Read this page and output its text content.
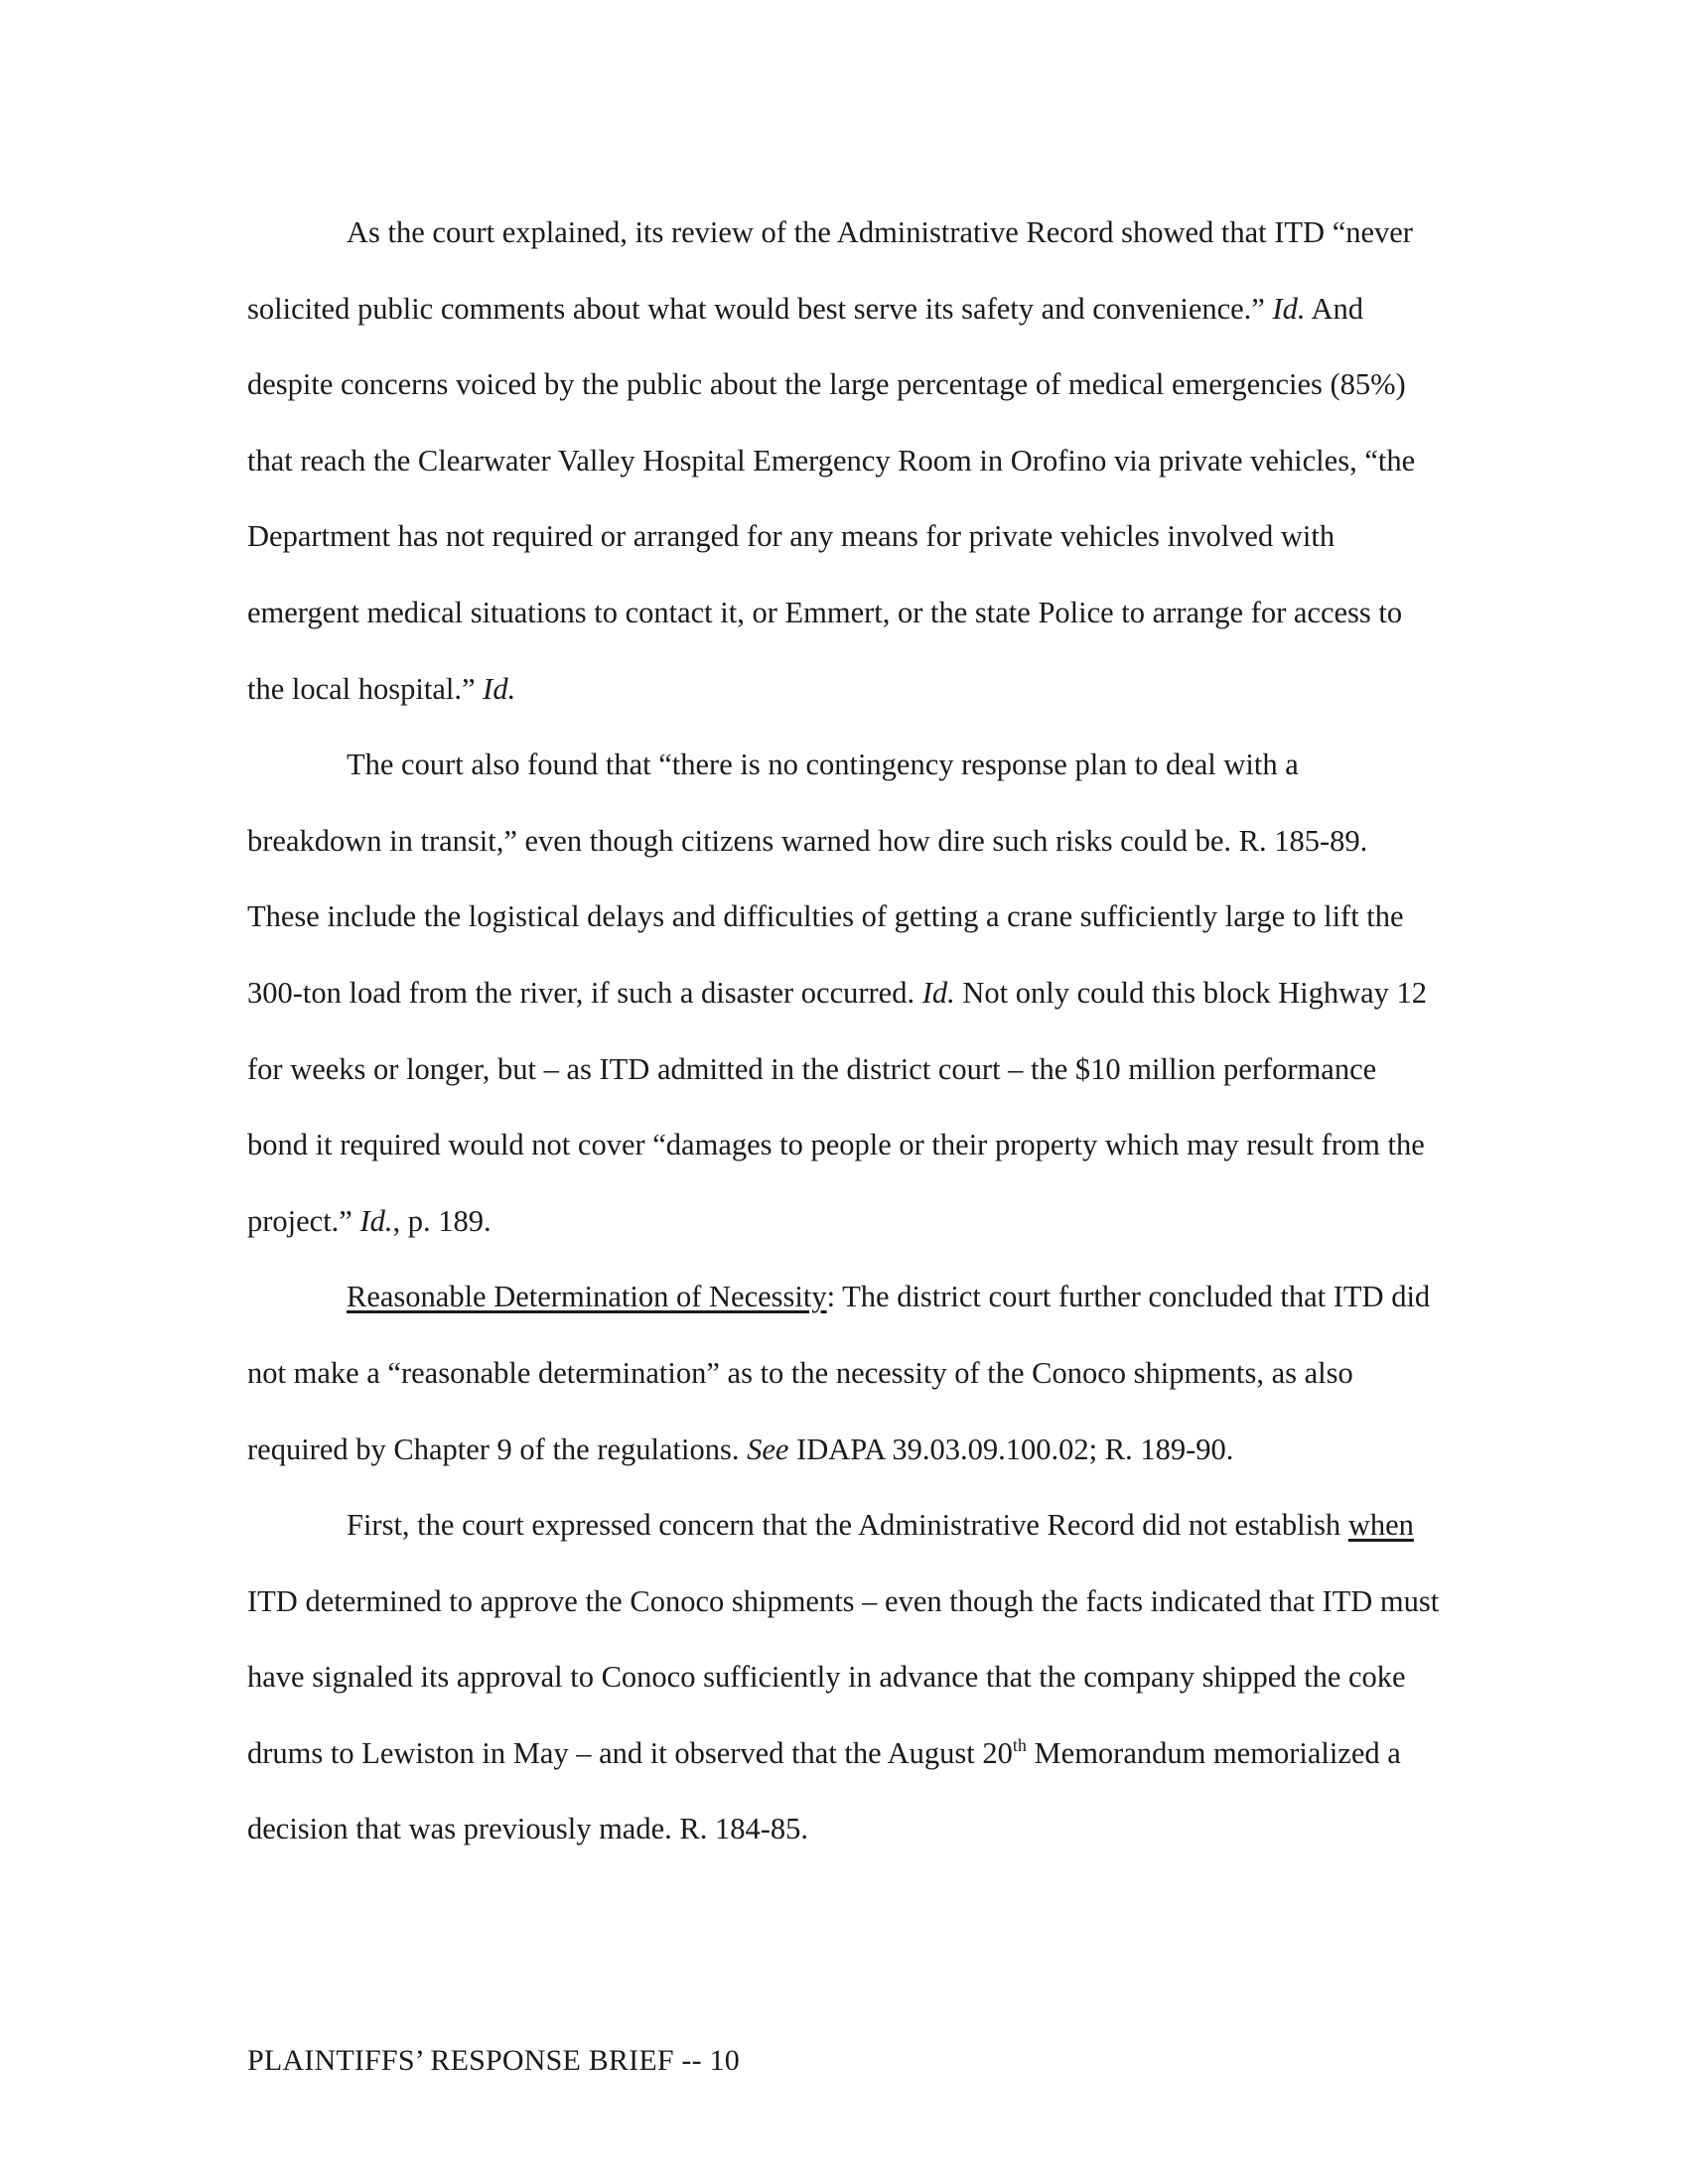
As the court explained, its review of the Administrative Record showed that ITD “never solicited public comments about what would best serve its safety and convenience.” Id. And despite concerns voiced by the public about the large percentage of medical emergencies (85%) that reach the Clearwater Valley Hospital Emergency Room in Orofino via private vehicles, “the Department has not required or arranged for any means for private vehicles involved with emergent medical situations to contact it, or Emmert, or the state Police to arrange for access to the local hospital.” Id.

The court also found that “there is no contingency response plan to deal with a breakdown in transit,” even though citizens warned how dire such risks could be. R. 185-89. These include the logistical delays and difficulties of getting a crane sufficiently large to lift the 300-ton load from the river, if such a disaster occurred. Id. Not only could this block Highway 12 for weeks or longer, but – as ITD admitted in the district court – the $10 million performance bond it required would not cover “damages to people or their property which may result from the project.” Id., p. 189.

Reasonable Determination of Necessity: The district court further concluded that ITD did not make a “reasonable determination” as to the necessity of the Conoco shipments, as also required by Chapter 9 of the regulations. See IDAPA 39.03.09.100.02; R. 189-90.

First, the court expressed concern that the Administrative Record did not establish when ITD determined to approve the Conoco shipments – even though the facts indicated that ITD must have signaled its approval to Conoco sufficiently in advance that the company shipped the coke drums to Lewiston in May – and it observed that the August 20th Memorandum memorialized a decision that was previously made. R. 184-85.

PLAINTIFFS’ RESPONSE BRIEF -- 10
